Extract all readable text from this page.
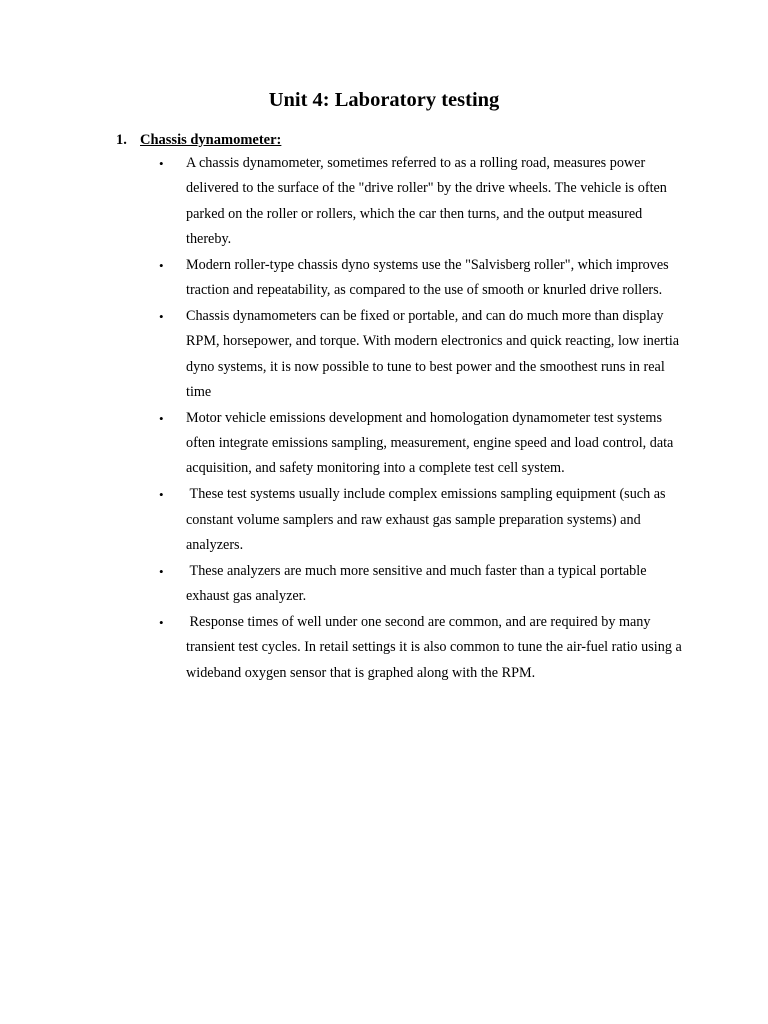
Unit 4: Laboratory testing
1. Chassis dynamometer:
• A chassis dynamometer, sometimes referred to as a rolling road, measures power delivered to the surface of the "drive roller" by the drive wheels. The vehicle is often parked on the roller or rollers, which the car then turns, and the output measured thereby.
• Modern roller-type chassis dyno systems use the "Salvisberg roller", which improves traction and repeatability, as compared to the use of smooth or knurled drive rollers.
• Chassis dynamometers can be fixed or portable, and can do much more than display RPM, horsepower, and torque. With modern electronics and quick reacting, low inertia dyno systems, it is now possible to tune to best power and the smoothest runs in real time
• Motor vehicle emissions development and homologation dynamometer test systems often integrate emissions sampling, measurement, engine speed and load control, data acquisition, and safety monitoring into a complete test cell system.
• These test systems usually include complex emissions sampling equipment (such as constant volume samplers and raw exhaust gas sample preparation systems) and analyzers.
• These analyzers are much more sensitive and much faster than a typical portable exhaust gas analyzer.
• Response times of well under one second are common, and are required by many transient test cycles. In retail settings it is also common to tune the air-fuel ratio using a wideband oxygen sensor that is graphed along with the RPM.
